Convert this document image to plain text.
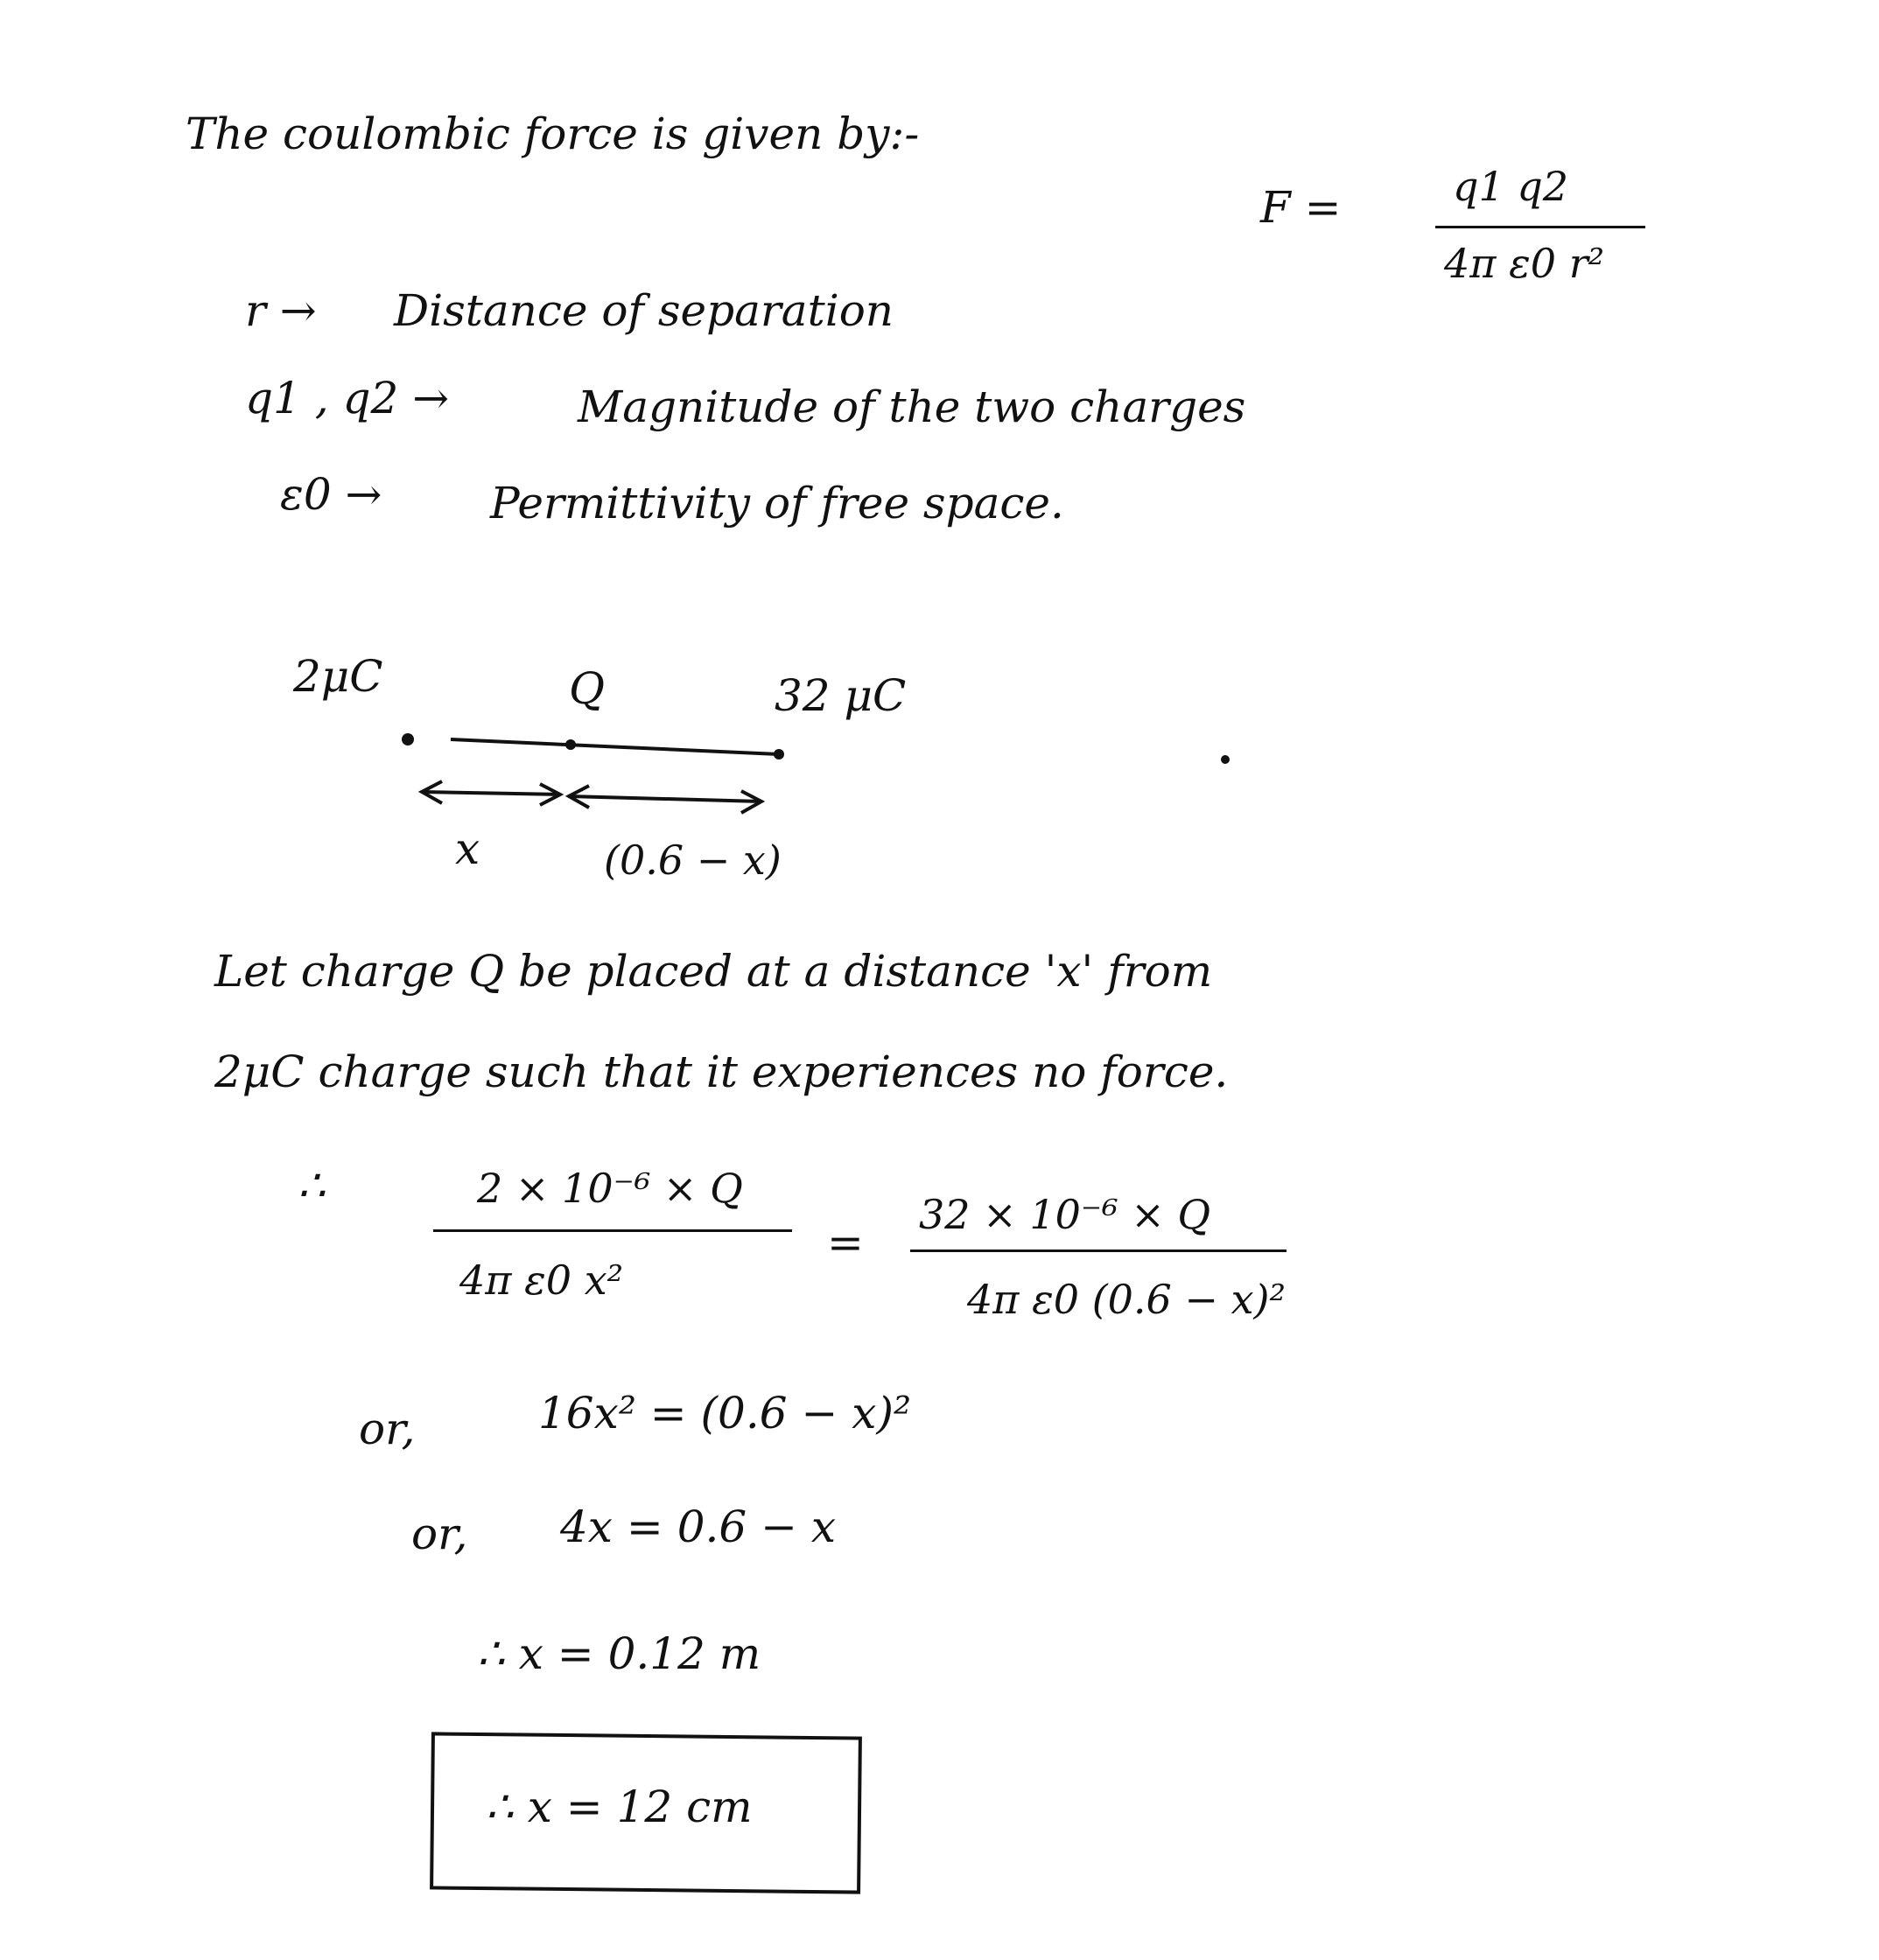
The coulombic force is given by:-
F =	q1 q2
4π ε0 r²
r → Distance of separation
q1 , q2 →	Magnitude of the two charges
ε0 → Permittivity of free space.
2μC	Q	32 μC
x	(0.6 − x)
Let charge Q be placed at a distance 'x' from
2μC charge such that it experiences no force.
∴	2 × 10⁻⁶ × Q
4π ε0 x²
=
32 × 10⁻⁶ × Q
4π ε0 (0.6 − x)²
or,	16x² = (0.6 − x)²
or, 4x = 0.6 − x
∴ x = 0.12 m
∴ x = 12 cm
